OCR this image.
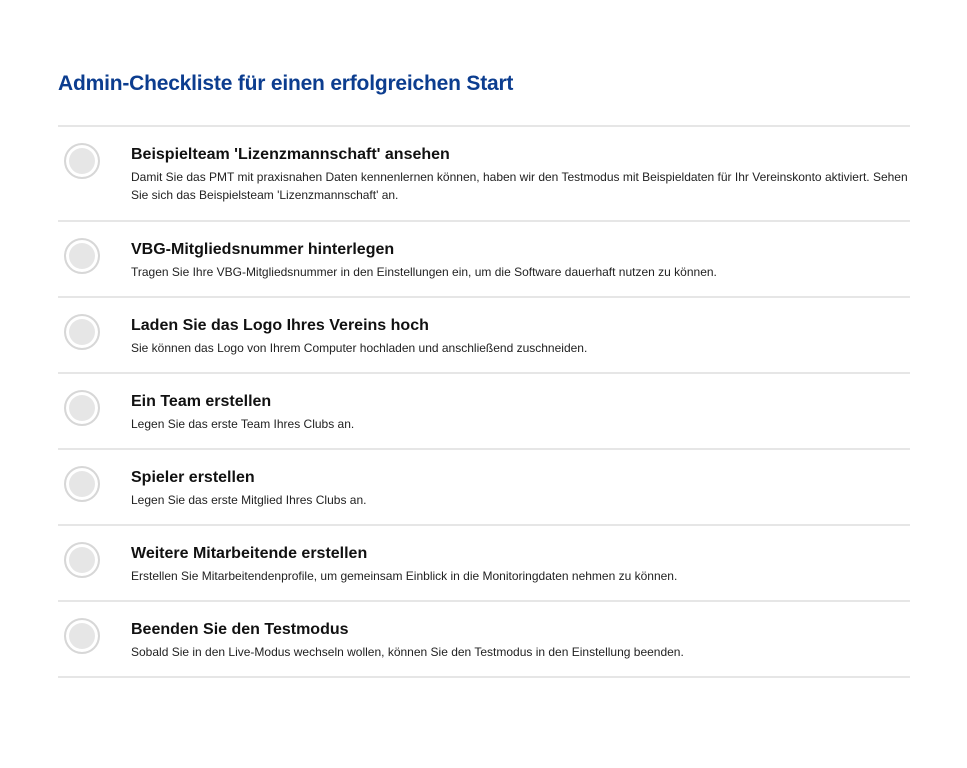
Admin-Checkliste für einen erfolgreichen Start
Beispielteam 'Lizenzmannschaft' ansehen
Damit Sie das PMT mit praxisnahen Daten kennenlernen können, haben wir den Testmodus mit Beispieldaten für Ihr Vereinskonto aktiviert. Sehen Sie sich das Beispielsteam 'Lizenzmannschaft' an.
VBG-Mitgliedsnummer hinterlegen
Tragen Sie Ihre VBG-Mitgliedsnummer in den Einstellungen ein, um die Software dauerhaft nutzen zu können.
Laden Sie das Logo Ihres Vereins hoch
Sie können das Logo von Ihrem Computer hochladen und anschließend zuschneiden.
Ein Team erstellen
Legen Sie das erste Team Ihres Clubs an.
Spieler erstellen
Legen Sie das erste Mitglied Ihres Clubs an.
Weitere Mitarbeitende erstellen
Erstellen Sie Mitarbeitendenprofile, um gemeinsam Einblick in die Monitoringdaten nehmen zu können.
Beenden Sie den Testmodus
Sobald Sie in den Live-Modus wechseln wollen, können Sie den Testmodus in den Einstellung beenden.
